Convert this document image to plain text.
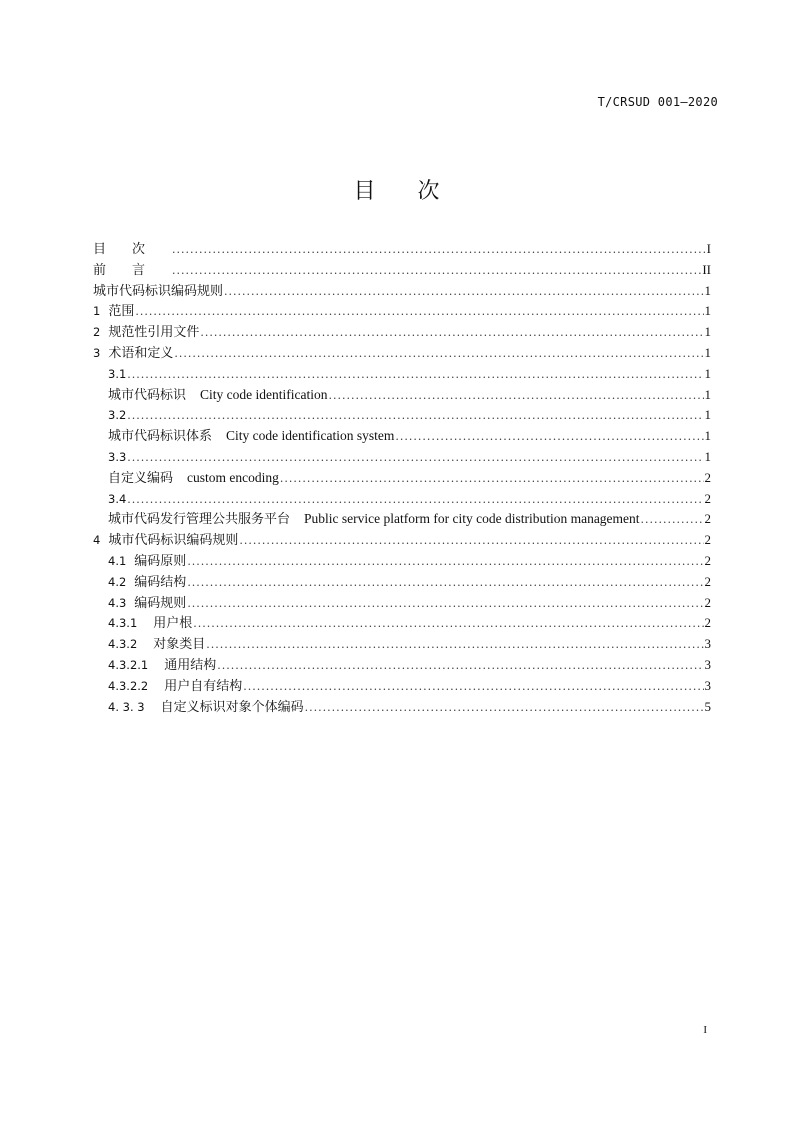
T/CRSUD 001—2020
目次
目次 .....	I
前言 .....	II
城市代码标识编码规则 .....	1
1 范围 .....	1
2 规范性引用文件 .....	1
3 术语和定义 .....	1
3.1 .....	1
城市代码标识 City code identification .....	1
3.2 .....	1
城市代码标识体系 City code identification system .....	1
3.3 .....	1
自定义编码 custom encoding .....	2
3.4 .....	2
城市代码发行管理公共服务平台 Public service platform for city code distribution management .....	2
4 城市代码标识编码规则 .....	2
4.1 编码原则 .....	2
4.2 编码结构 .....	2
4.3 编码规则 .....	2
4.3.1 用户根 .....	2
4.3.2 对象类目 .....	3
4.3.2.1 通用结构 .....	3
4.3.2.2 用户自有结构 .....	3
4. 3. 3 自定义标识对象个体编码 .....	5
I
